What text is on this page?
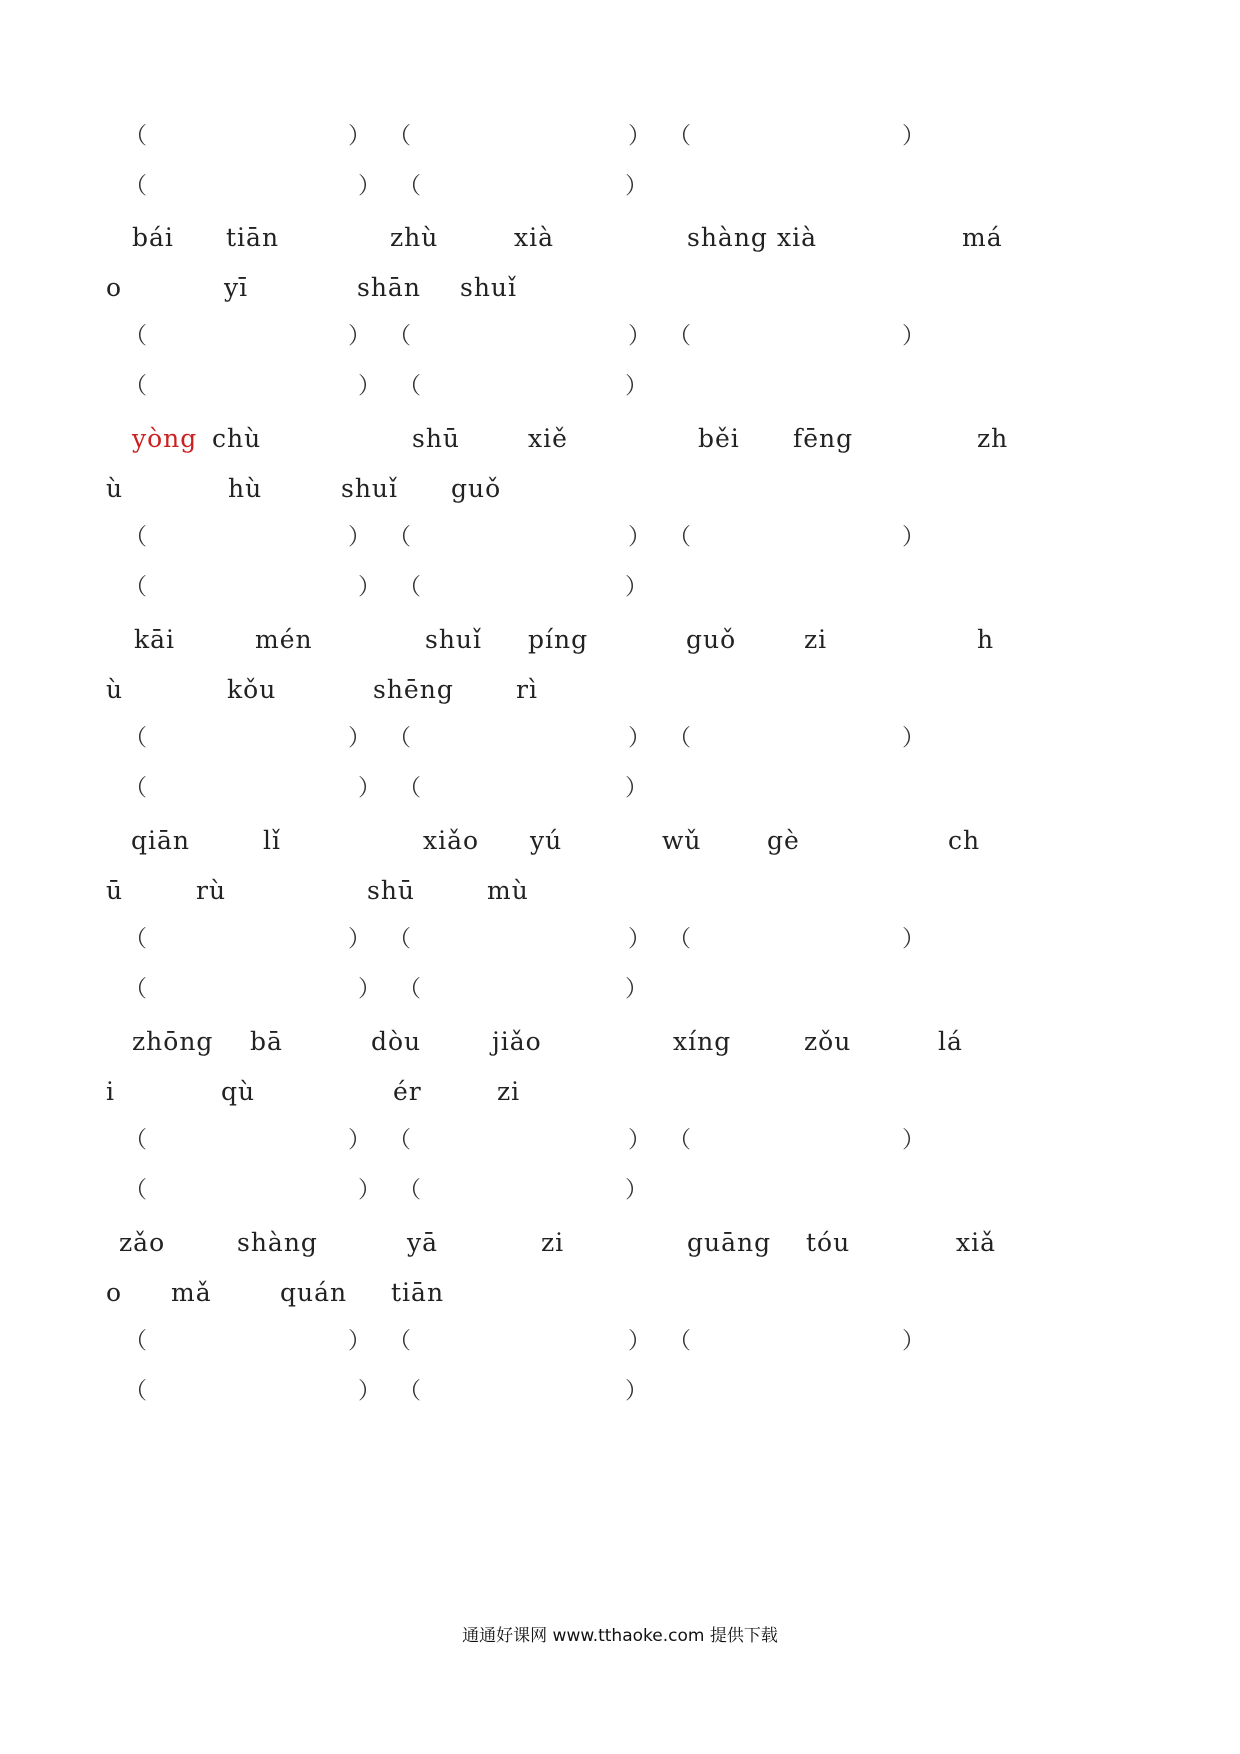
（	） （	） （	）
（	） （	）
bái tiān	zhù	xià	shàng xià	má
o	yī	shān shuǐ
（	） （	） （	）
（	） （	）
yòng chù	shū	xiě	běi fēng	zh
ù	hù	shuǐ guǒ
（	） （	） （	）
（	） （	）
kāi	mén	shuǐ píng	guǒ	zi	h
ù	kǒu	shēng rì
（	） （	） （	）
（	） （	）
qiān	lǐ	xiǎo yú	wǔ	gè	ch
ū	rù	shū	mù
（	） （	） （	）
（	） （	）
zhōng bā	dòu	jiǎo	xíng	zǒu	lá
i	qù	ér	zi
（	） （	） （	）
（	） （	）
zǎo	shàng	yā	zi	guāng tóu	xiǎ
o mǎ	quán tiān
（	） （	） （	）
（	） （	）
通通好课网 www.tthaoke.com 提供下载
